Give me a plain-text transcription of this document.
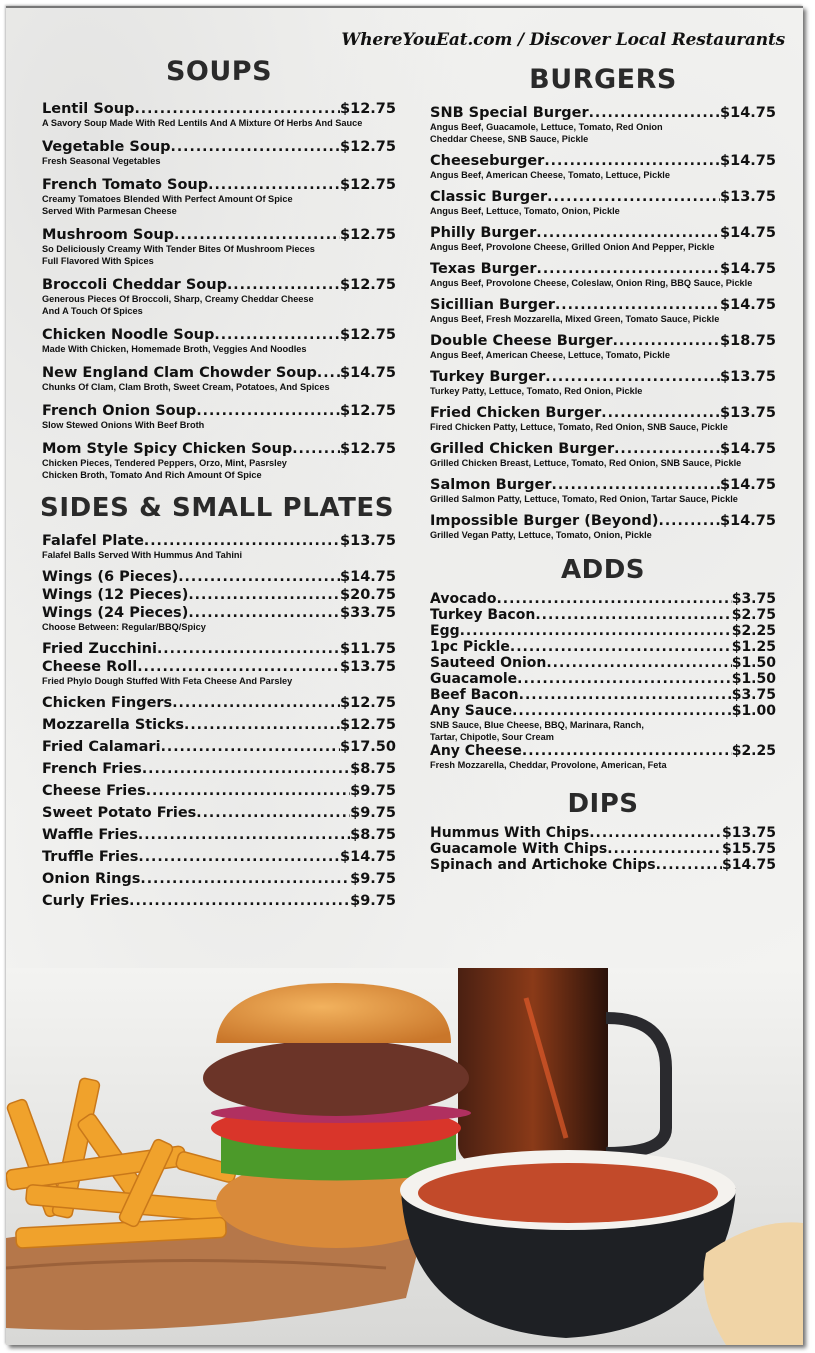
WhereYouEat.com / Discover Local Restaurants
SOUPS
Lentil Soup .....	$12.75
A Savory Soup Made With Red Lentils And A Mixture Of Herbs And Sauce
Vegetable Soup .....	$12.75
Fresh Seasonal Vegetables
French Tomato Soup .....	$12.75
Creamy Tomatoes Blended With Perfect Amount Of Spice
Served With Parmesan Cheese
Mushroom Soup .....	$12.75
So Deliciously Creamy With Tender Bites Of Mushroom Pieces
Full Flavored With Spices
Broccoli Cheddar Soup .....	$12.75
Generous Pieces Of Broccoli, Sharp, Creamy Cheddar Cheese
And A Touch Of Spices
Chicken Noodle Soup .....	$12.75
Made With Chicken, Homemade Broth, Veggies And Noodles
New England Clam Chowder Soup ..... $14.75
Chunks Of Clam, Clam Broth, Sweet Cream, Potatoes, And Spices
French Onion Soup .....	$12.75
Slow Stewed Onions With Beef Broth
Mom Style Spicy Chicken Soup .....	$12.75
Chicken Pieces, Tendered Peppers, Orzo, Mint, Pasrsley
Chicken Broth, Tomato And Rich Amount Of Spice
SIDES & SMALL PLATES
Falafel Plate .....	$13.75
Falafel Balls Served With Hummus And Tahini
Wings (6 Pieces) .....	$14.75
Wings (12 Pieces) .....	$20.75
Wings (24 Pieces) .....	$33.75
Choose Between: Regular/BBQ/Spicy
Fried Zucchini .....	$11.75
Cheese Roll .....	$13.75
Fried Phylo Dough Stuffed With Feta Cheese And Parsley
Chicken Fingers .....	$12.75
Mozzarella Sticks .....	$12.75
Fried Calamari .....	$17.50
French Fries .....	$8.75
Cheese Fries .....	$9.75
Sweet Potato Fries .....	$9.75
Waffle Fries .....	$8.75
Truffle Fries .....	$14.75
Onion Rings .....	$9.75
Curly Fries .....	$9.75
BURGERS
SNB Special Burger .....	$14.75
Angus Beef, Guacamole, Lettuce, Tomato, Red Onion
Cheddar Cheese, SNB Sauce, Pickle
Cheeseburger .....	$14.75
Angus Beef, American Cheese, Tomato, Lettuce, Pickle
Classic Burger .....	$13.75
Angus Beef, Lettuce, Tomato, Onion, Pickle
Philly Burger .....	$14.75
Angus Beef, Provolone Cheese, Grilled Onion And Pepper, Pickle
Texas Burger .....	$14.75
Angus Beef, Provolone Cheese, Coleslaw, Onion Ring, BBQ Sauce, Pickle
Sicillian Burger .....	$14.75
Angus Beef, Fresh Mozzarella, Mixed Green, Tomato Sauce, Pickle
Double Cheese Burger .....	$18.75
Angus Beef, American Cheese, Lettuce, Tomato, Pickle
Turkey Burger .....	$13.75
Turkey Patty, Lettuce, Tomato, Red Onion, Pickle
Fried Chicken Burger .....	$13.75
Fired Chicken Patty, Lettuce, Tomato, Red Onion, SNB Sauce, Pickle
Grilled Chicken Burger .....	$14.75
Grilled Chicken Breast, Lettuce, Tomato, Red Onion, SNB Sauce, Pickle
Salmon Burger .....	$14.75
Grilled Salmon Patty, Lettuce, Tomato, Red Onion, Tartar Sauce, Pickle
Impossible Burger (Beyond) .....	$14.75
Grilled Vegan Patty, Lettuce, Tomato, Onion, Pickle
ADDS
Avocado .....	$3.75
Turkey Bacon .....	$2.75
Egg .....	$2.25
1pc Pickle .....	$1.25
Sauteed Onion .....	$1.50
Guacamole .....	$1.50
Beef Bacon .....	$3.75
Any Sauce .....	$1.00
SNB Sauce, Blue Cheese, BBQ, Marinara, Ranch,
Tartar, Chipotle, Sour Cream
Any Cheese .....	$2.25
Fresh Mozzarella, Cheddar, Provolone, American, Feta
DIPS
Hummus With Chips .....	$13.75
Guacamole With Chips .....	$15.75
Spinach and Artichoke Chips .....	$14.75
